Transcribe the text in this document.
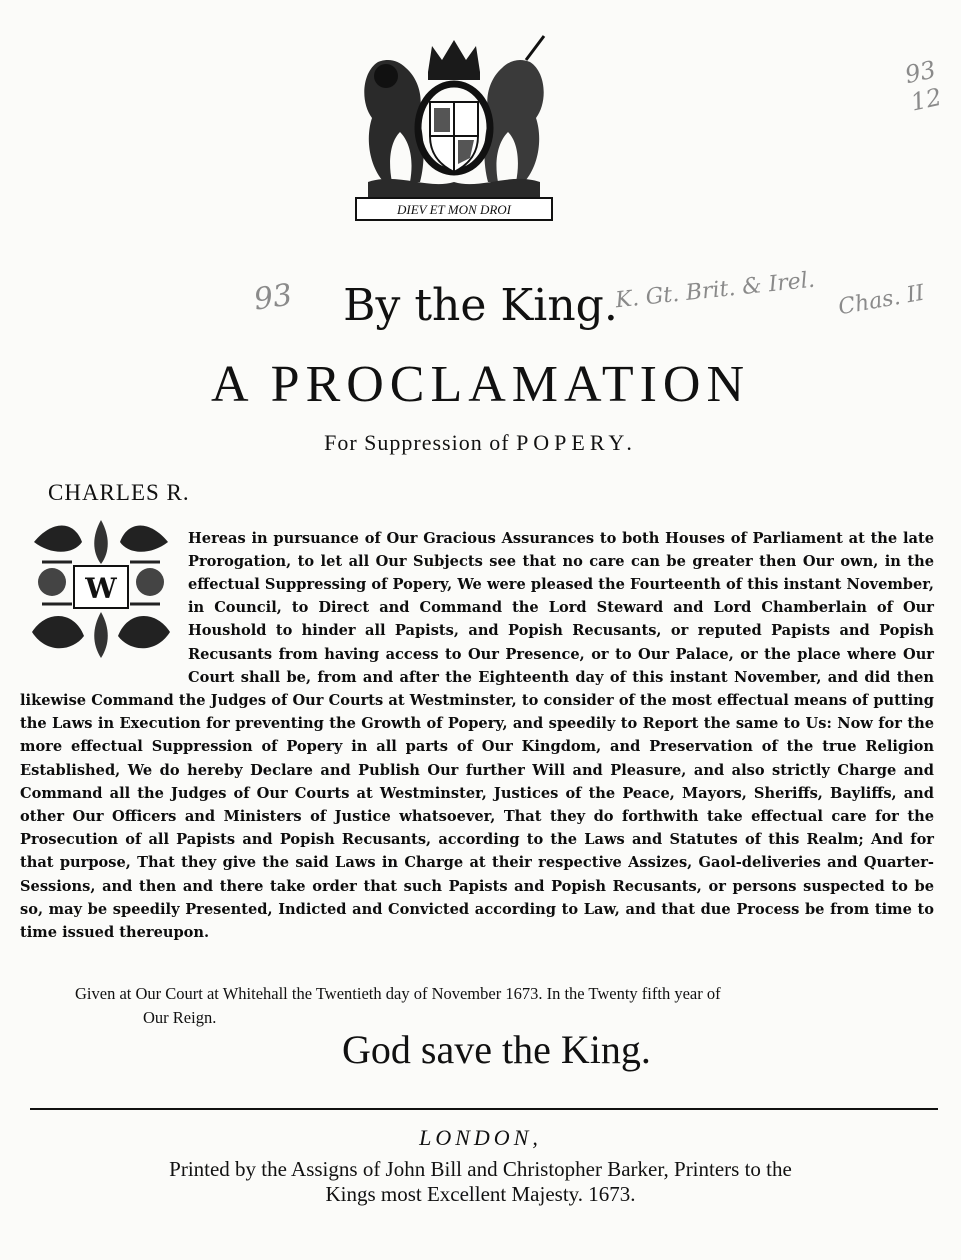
DIEV ET MON DROI
93	K. Gt. Brit. & Irel. Chas. II
93
12
By the King.
A PROCLAMATION
For Suppression of POPERY.
CHARLES R.
W

Hereas in pursuance of Our Gracious Assurances to both Houses of Parliament at the late Prorogation, to let all Our Subjects see that no care can be greater then Our own, in the effectual Suppressing of Popery, We were pleased the Fourteenth of this instant November, in Council, to Direct and Command the Lord Steward and Lord Chamberlain of Our Houshold to hinder all Papists, and Popish Recusants, or reputed Papists and Popish Recusants from having access to Our Presence, or to Our Palace, or the place where Our Court shall be, from and after the Eighteenth day of this instant November, and did then likewise Command the Judges of Our Courts at Westminster, to consider of the most effectual means of putting the Laws in Execution for preventing the Growth of Popery, and speedily to Report the same to Us: Now for the more effectual Suppression of Popery in all parts of Our Kingdom, and Preservation of the true Religion Established, We do hereby Declare and Publish Our further Will and Pleasure, and also strictly Charge and Command all the Judges of Our Courts at Westminster, Justices of the Peace, Mayors, Sheriffs, Bayliffs, and other Our Officers and Ministers of Justice whatsoever, That they do forthwith take effectual care for the Prosecution of all Papists and Popish Recusants, according to the Laws and Statutes of this Realm; And for that purpose, That they give the said Laws in Charge at their respective Assizes, Gaol-deliveries and Quarter-Sessions, and then and there take order that such Papists and Popish Recusants, or persons suspected to be so, may be speedily Presented, Indicted and Convicted according to Law, and that due Process be from time to time issued thereupon.

Given at Our Court at Whitehall the Twentieth day of November 1673. In the Twenty fifth year of
Our Reign.
God save the King.
LONDON,
Printed by the Assigns of John Bill and Christopher Barker, Printers to the
Kings most Excellent Majesty. 1673.
